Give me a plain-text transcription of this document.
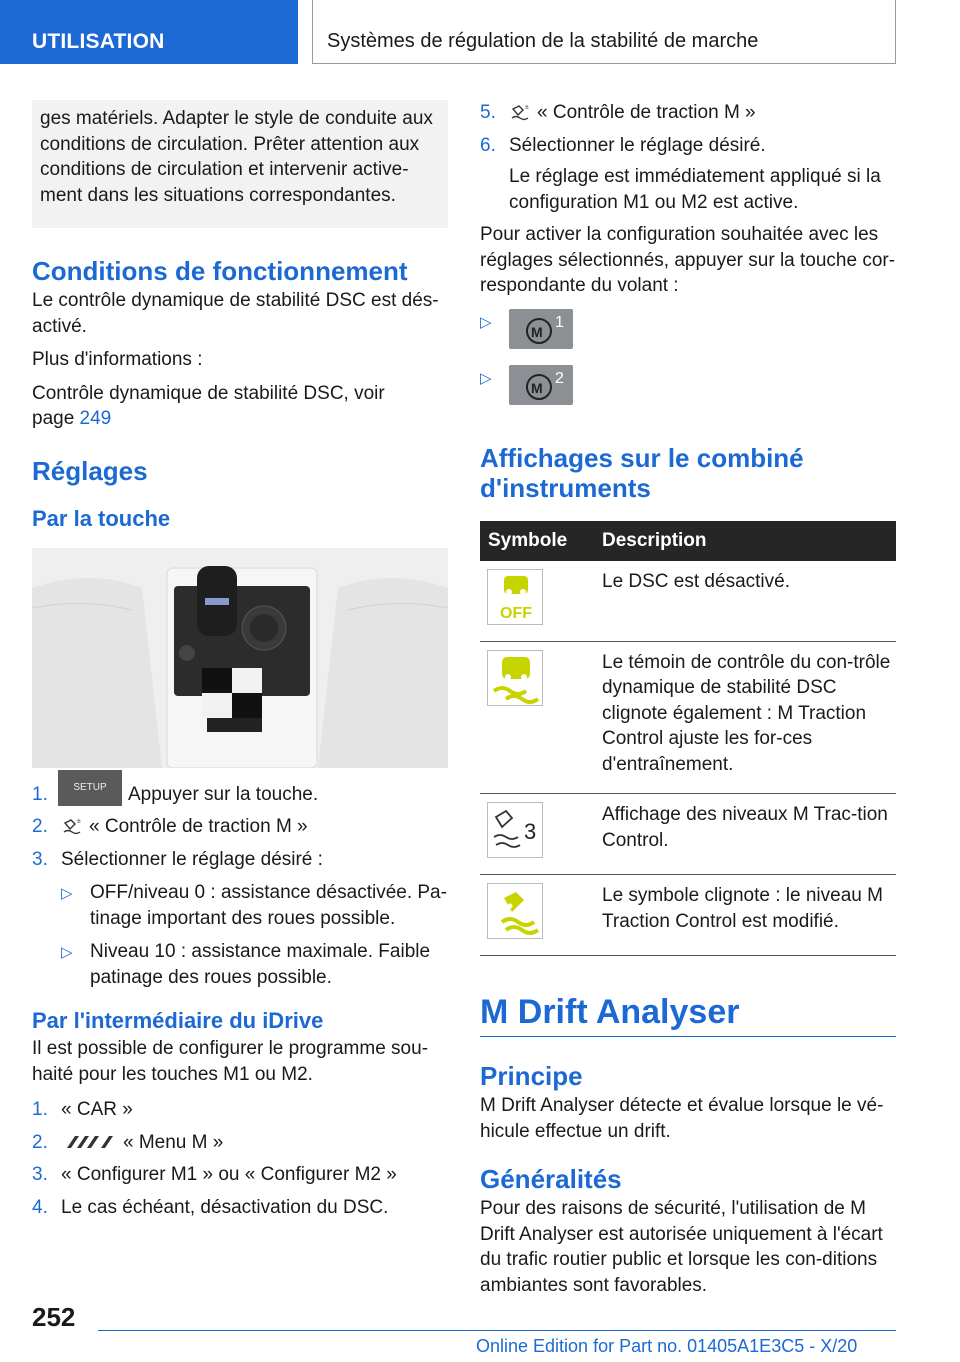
UTILISATION	Systèmes de régulation de la stabilité de marche
ges matériels. Adapter le style de conduite aux conditions de circulation. Prêter attention aux conditions de circulation et intervenir active‐ment dans les situations correspondantes.
Conditions de fonctionnement
Le contrôle dynamique de stabilité DSC est dés‐activé.
Plus d'informations :
Contrôle dynamique de stabilité DSC, voir
page 249
Réglages
Par la touche
1.	SETUP Appuyer sur la touche.
2.	± « Contrôle de traction M »
3. Sélectionner le réglage désiré :
▷ OFF/niveau 0 : assistance désactivée. Pa‐tinage important des roues possible.
▷ Niveau 10 : assistance maximale. Faible patinage des roues possible.
Par l'intermédiaire du iDrive
Il est possible de configurer le programme sou‐haité pour les touches M1 ou M2.
1. « CAR »
2.	« Menu M »
3. « Configurer M1 » ou « Configurer M2 »
4. Le cas échéant, désactivation du DSC.
5.	± « Contrôle de traction M »
6. Sélectionner le réglage désiré.
Le réglage est immédiatement appliqué si la configuration M1 ou M2 est active.
Pour activer la configuration souhaitée avec les réglages sélectionnés, appuyer sur la touche cor‐respondante du volant :
▷
M
1
▷
M
2
Affichages sur le combiné d'instruments
Symbole	Description

OFF	Le DSC est désactivé.

	Le témoin de contrôle du con‐trôle dynamique de stabilité DSC clignote également : M Traction Control ajuste les for‐ces d'entraînement.

3	Affichage des niveaux M Trac‐tion Control.

	Le symbole clignote : le niveau M Traction Control est modifié.
M Drift Analyser
Principe
M Drift Analyser détecte et évalue lorsque le vé‐hicule effectue un drift.
Généralités
Pour des raisons de sécurité, l'utilisation de M Drift Analyser est autorisée uniquement à l'écart du trafic routier public et lorsque les con‐ditions ambiantes sont favorables.
252
Online Edition for Part no. 01405A1E3C5 - X/20
